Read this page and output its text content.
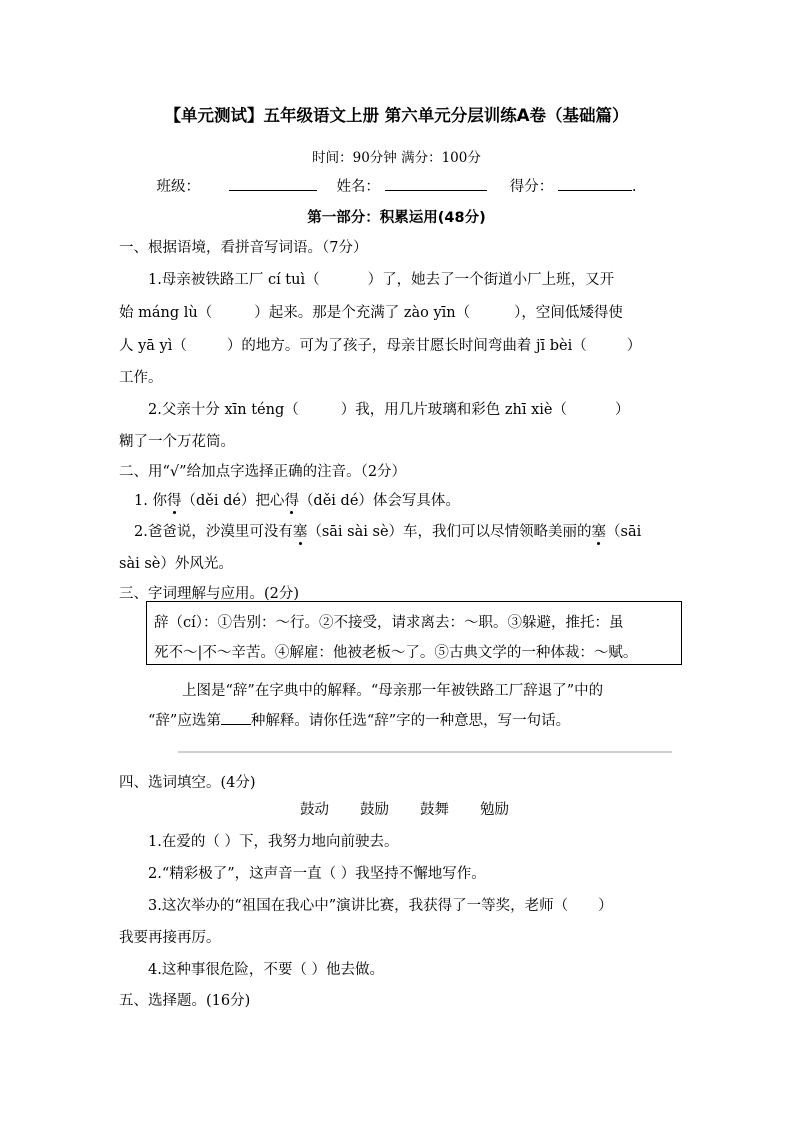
【单元测试】五年级语文上册 第六单元分层训练A卷（基础篇）
时间：90分钟 满分：100分
班级：	姓名：	得分：	.
第一部分：积累运用(48分)
一、根据语境，看拼音写词语。（7分）
1.母亲被铁路工厂 cí tuì（	）了，她去了一个街道小厂上班，又开
始 máng lù（	）起来。那是个充满了 zào yīn（	），空间低矮得使
人 yā yì（	）的地方。可为了孩子，母亲甘愿长时间弯曲着 jī bèi（	）
工作。
2.父亲十分 xīn téng（	）我，用几片玻璃和彩色 zhī xiè（	）
糊了一个万花筒。
二、用“√”给加点字选择正确的注音。（2分）
1. 你得（děi dé）把心得（děi dé）体会写具体。
2.爸爸说，沙漠里可没有塞（sāi sài sè）车，我们可以尽情领略美丽的塞（sāi
sài sè）外风光。
三、字词理解与应用。(2分)
辞（cí）：①告别：～行。②不接受，请求离去：～职。③躲避，推托：虽
死不～|不～辛苦。④解雇：他被老板～了。⑤古典文学的一种体裁：～赋。
上图是“辞”在字典中的解释。“母亲那一年被铁路工厂辞退了”中的
“辞”应选第 种解释。请你任选“辞”字的一种意思，写一句话。
四、选词填空。(4分)
鼓动 鼓励 鼓舞 勉励
1.在爱的（ ）下，我努力地向前驶去。
2.“精彩极了”，这声音一直（ ）我坚持不懈地写作。
3.这次举办的“祖国在我心中”演讲比赛，我获得了一等奖，老师（ ）
我要再接再厉。
4.这种事很危险，不要（ ）他去做。
五、选择题。(16分)
